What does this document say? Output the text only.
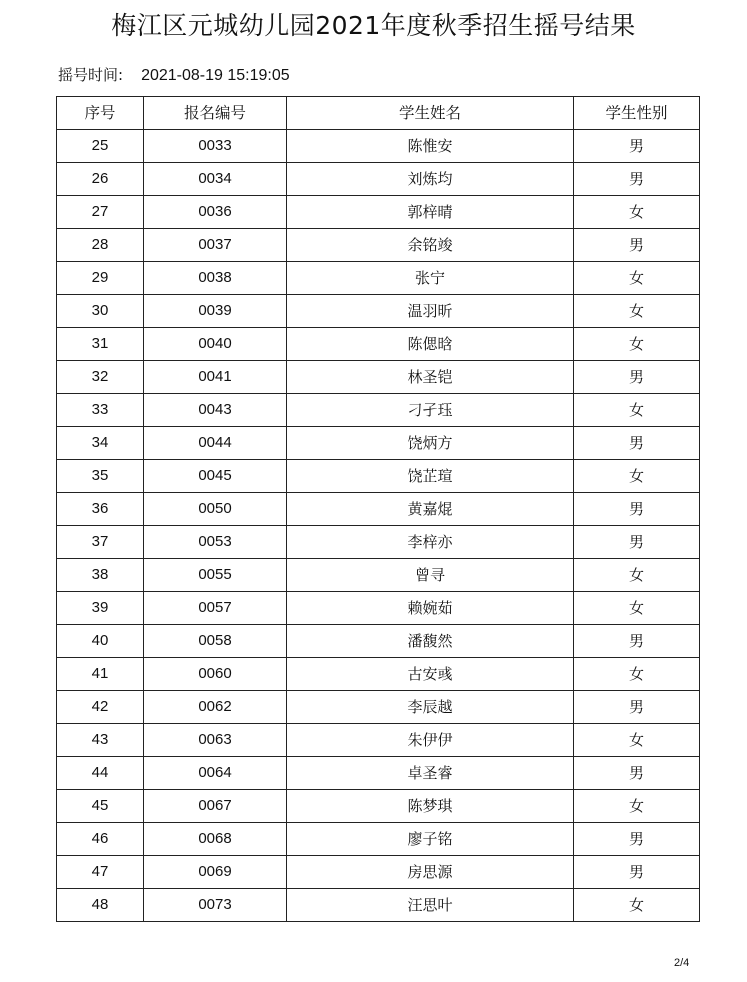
梅江区元城幼儿园2021年度秋季招生摇号结果
摇号时间: 2021-08-19 15:19:05
序号	报名编号	学生姓名	学生性别
25	0033	陈惟安	男
26	0034	刘炼均	男
27	0036	郭梓晴	女
28	0037	余铭竣	男
29	0038	张宁	女
30	0039	温羽昕	女
31	0040	陈偲晗	女
32	0041	林圣铠	男
33	0043	刁孑珏	女
34	0044	饶炳方	男
35	0045	饶芷瑄	女
36	0050	黄嘉焜	男
37	0053	李梓亦	男
38	0055	曾寻	女
39	0057	赖婉茹	女
40	0058	潘馥然	男
41	0060	古安彧	女
42	0062	李辰越	男
43	0063	朱伊伊	女
44	0064	卓圣睿	男
45	0067	陈梦琪	女
46	0068	廖子铭	男
47	0069	房思源	男
48	0073	汪思叶	女
2/4
